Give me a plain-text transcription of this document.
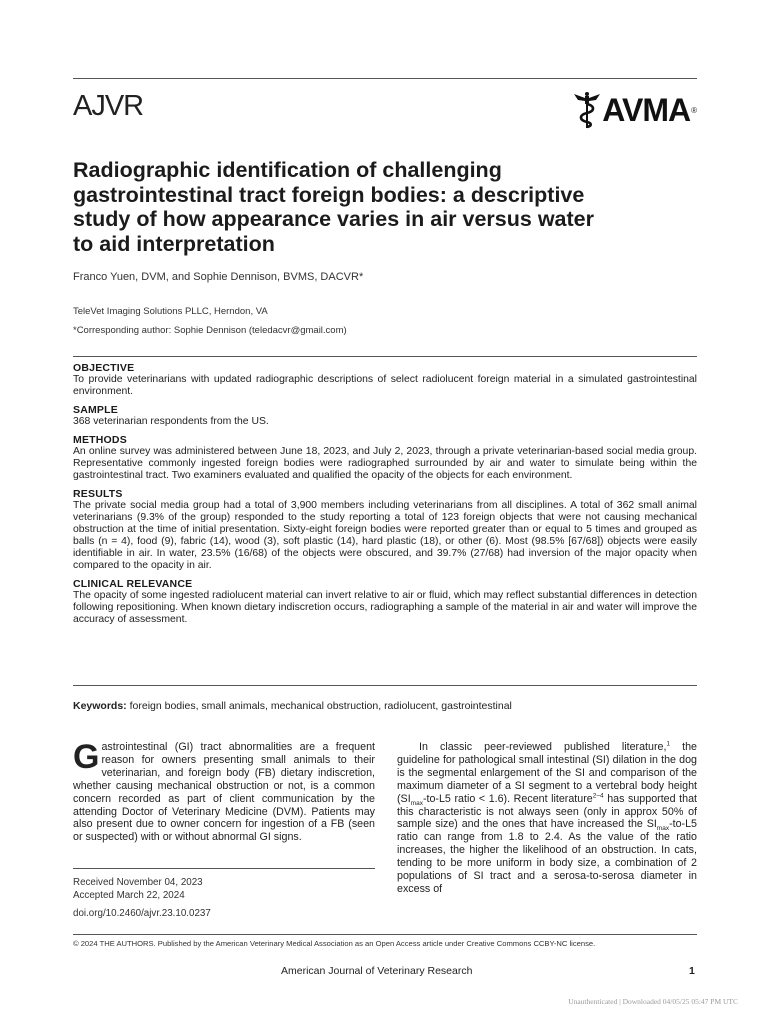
AJVR	AVMA ®
Radiographic identification of challenging
gastrointestinal tract foreign bodies: a descriptive
study of how appearance varies in air versus water
to aid interpretation
Franco Yuen, DVM, and Sophie Dennison, BVMS, DACVR*
TeleVet Imaging Solutions PLLC, Herndon, VA
*Corresponding author: Sophie Dennison (teledacvr@gmail.com)
OBJECTIVE
To provide veterinarians with updated radiographic descriptions of select radiolucent foreign material in a simulated gastrointestinal environment.
SAMPLE
368 veterinarian respondents from the US.
METHODS
An online survey was administered between June 18, 2023, and July 2, 2023, through a private veterinarian-based social media group. Representative commonly ingested foreign bodies were radiographed surrounded by air and water to simulate being within the gastrointestinal tract. Two examiners evaluated and qualified the opacity of the objects for each environment.
RESULTS
The private social media group had a total of 3,900 members including veterinarians from all disciplines. A total of 362 small animal veterinarians (9.3% of the group) responded to the study reporting a total of 123 foreign objects that were not causing mechanical obstruction at the time of initial presentation. Sixty-eight foreign bodies were reported greater than or equal to 5 times and grouped as balls (n = 4), food (9), fabric (14), wood (3), soft plastic (14), hard plastic (18), or other (6). Most (98.5% [67/68]) objects were easily identifiable in air. In water, 23.5% (16/68) of the objects were obscured, and 39.7% (27/68) had inversion of the major opacity when compared to the opacity in air.
CLINICAL RELEVANCE
The opacity of some ingested radiolucent material can invert relative to air or fluid, which may reflect substantial differences in detection following repositioning. When known dietary indiscretion occurs, radiographing a sample of the material in air and water will improve the accuracy of assessment.
Keywords: foreign bodies, small animals, mechanical obstruction, radiolucent, gastrointestinal
Gastrointestinal (GI) tract abnormalities are a frequent reason for owners presenting small animals to their veterinarian, and foreign body (FB) dietary indiscretion, whether causing mechanical obstruction or not, is a common concern recorded as part of client communication by the attending Doctor of Veterinary Medicine (DVM). Patients may also present due to owner concern for ingestion of a FB (seen or suspected) with or without abnormal GI signs.
Received November 04, 2023
Accepted March 22, 2024
doi.org/10.2460/ajvr.23.10.0237
In classic peer-reviewed published literature,$^1$ the guideline for pathological small intestinal (SI) dilation in the dog is the segmental enlargement of the SI and comparison of the maximum diameter of a SI segment to a vertebral body height ($SI_{max}-to-L5$ ratio < 1.6). Recent literature$^{2-4}$ has supported that this characteristic is not always seen (only in approx 50% of sample size) and the ones that have increased the $SI_{max}-to-L5$ ratio can range from 1.8 to 2.4. As the value of the ratio increases, the higher the likelihood of an obstruction. In cats, tending to be more uniform in body size, a combination of 2 populations of SI tract and a serosa-to-serosa diameter in excess of
© 2024 THE AUTHORS. Published by the American Veterinary Medical Association as an Open Access article under Creative Commons CCBY-NC license.
American Journal of Veterinary Research	1
Unauthenticated | Downloaded 04/05/25 05:47 PM UTC
